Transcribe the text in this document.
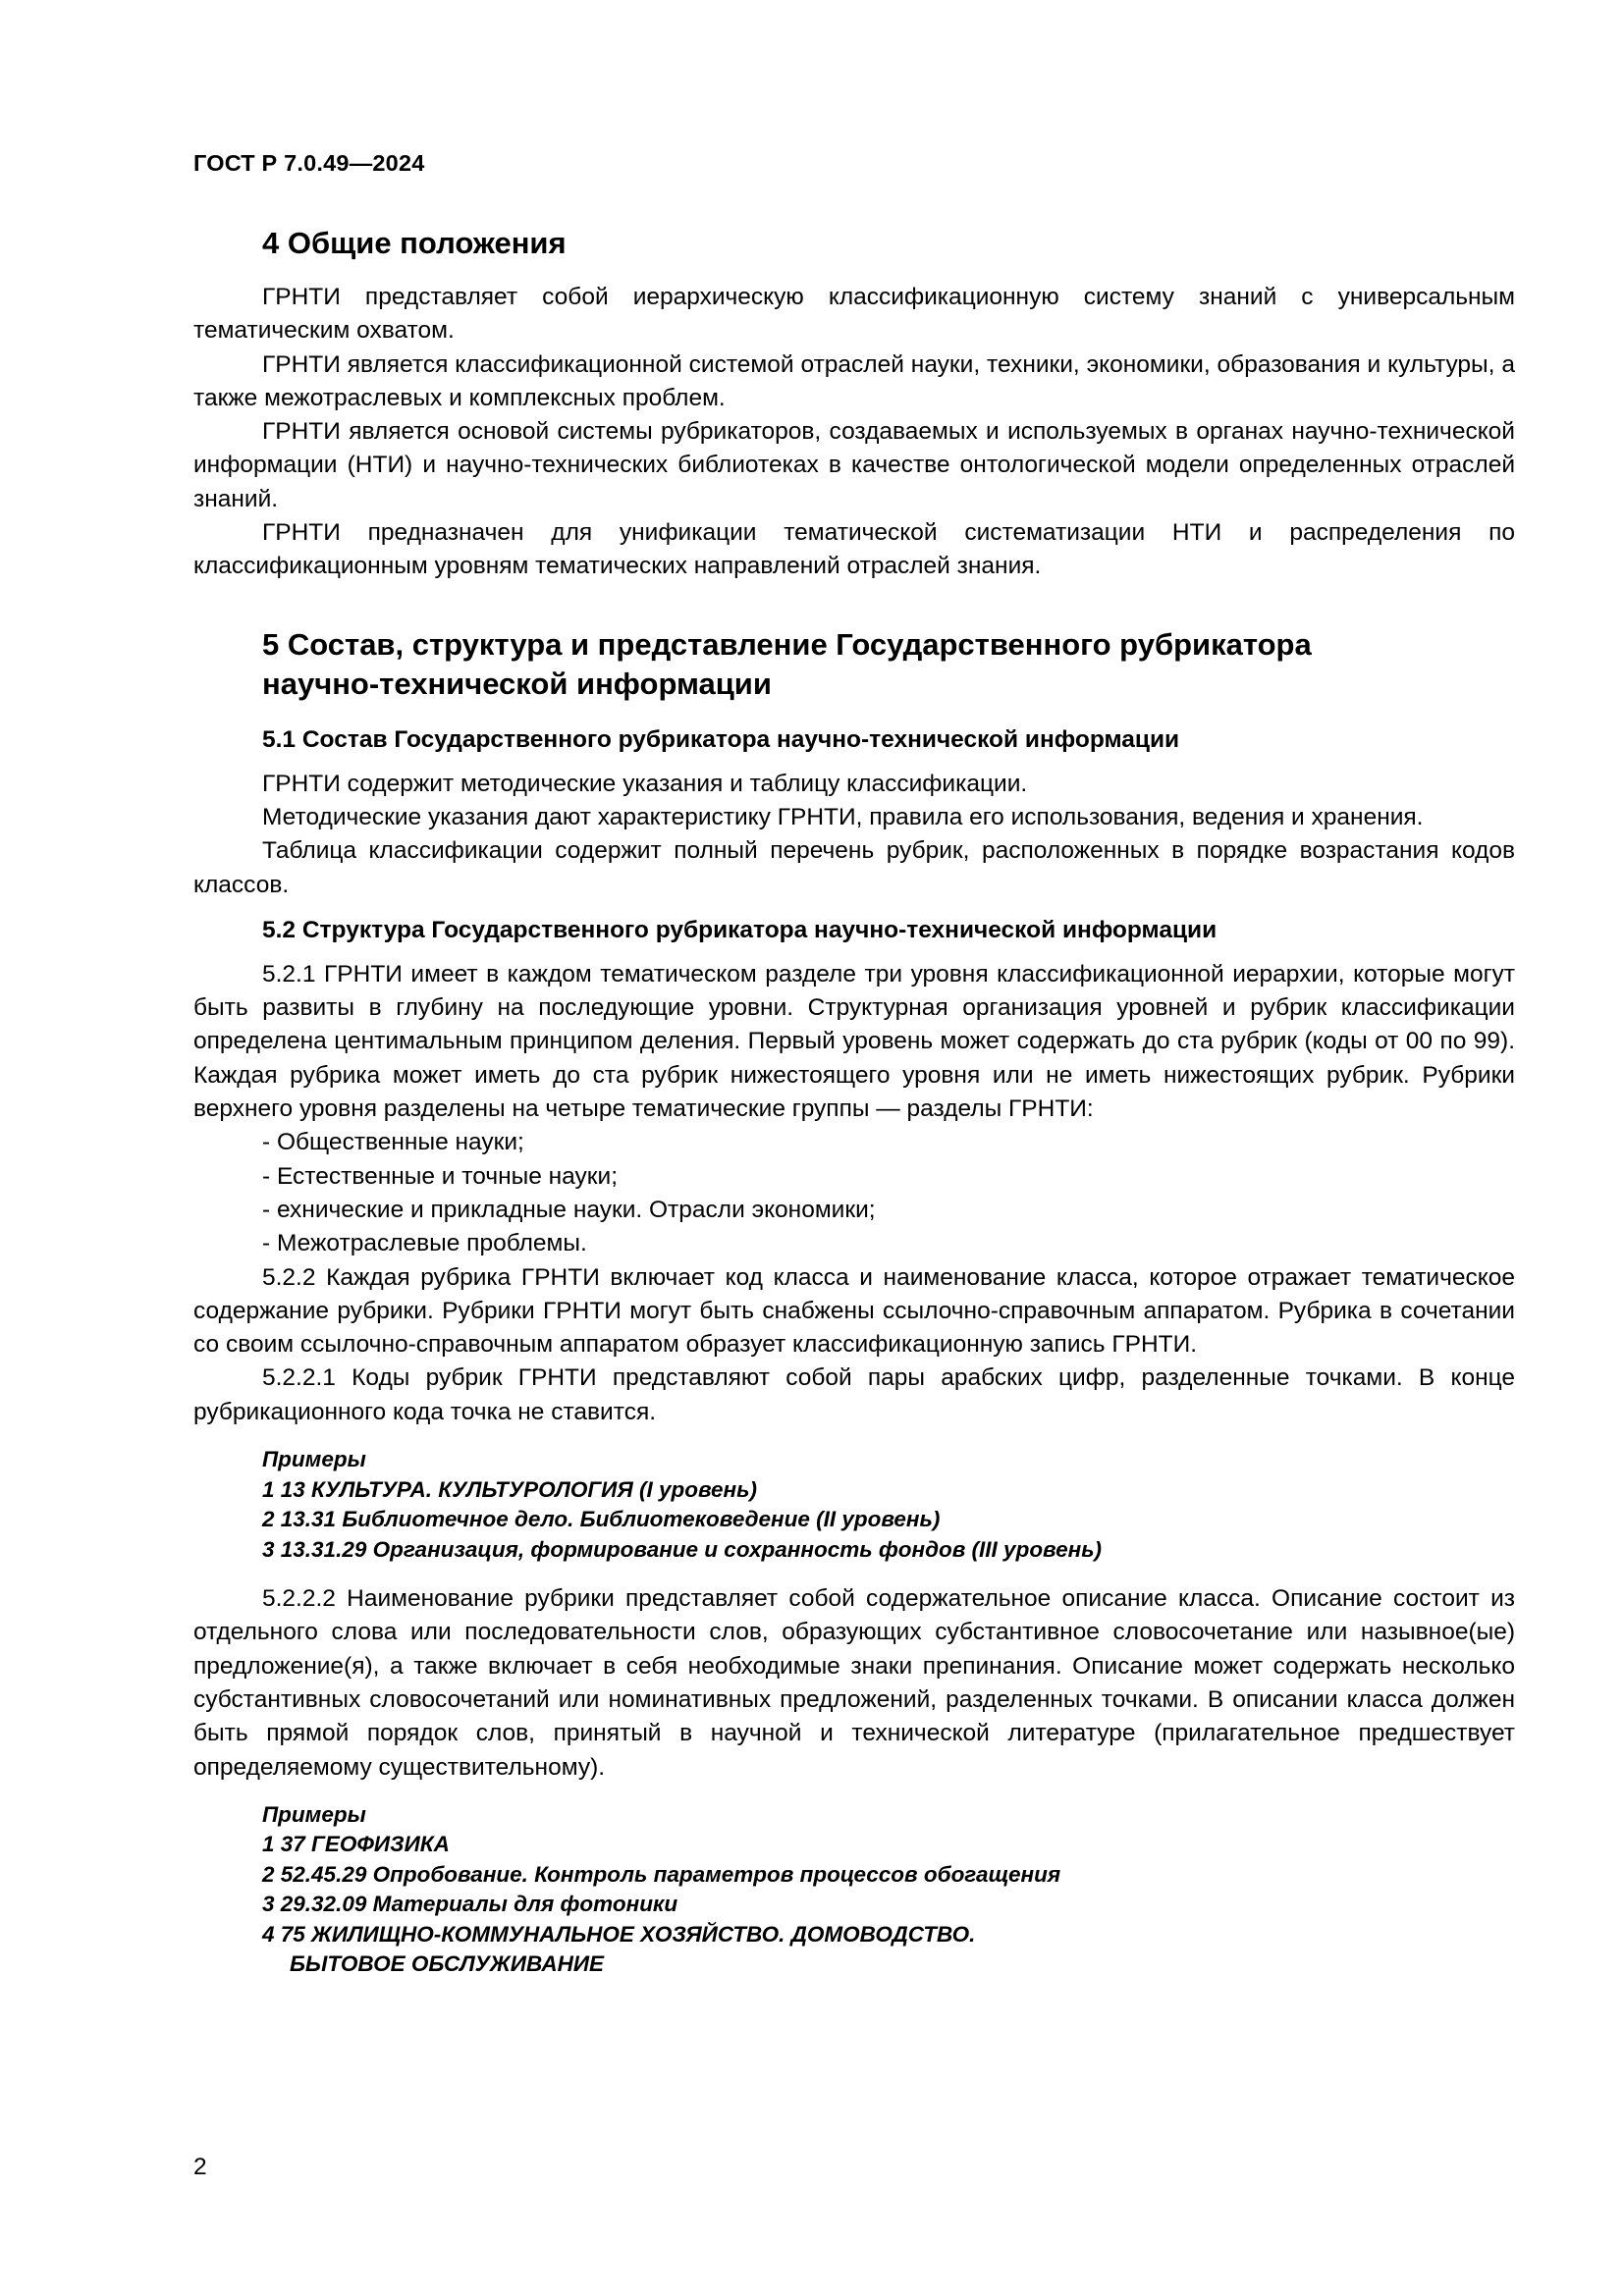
ГОСТ Р 7.0.49—2024
4 Общие положения

ГРНТИ представляет собой иерархическую классификационную систему знаний с универсальным тематическим охватом.

ГРНТИ является классификационной системой отраслей науки, техники, экономики, образования и культуры, а также межотраслевых и комплексных проблем.

ГРНТИ является основой системы рубрикаторов, создаваемых и используемых в органах научно-технической информации (НТИ) и научно-технических библиотеках в качестве онтологической модели определенных отраслей знаний.

ГРНТИ предназначен для унификации тематической систематизации НТИ и распределения по классификационным уровням тематических направлений отраслей знания.

5 Состав, структура и представление Государственного рубрикатора
научно-технической информации
5.1 Состав Государственного рубрикатора научно-технической информации

ГРНТИ содержит методические указания и таблицу классификации.

Методические указания дают характеристику ГРНТИ, правила его использования, ведения и хранения.

Таблица классификации содержит полный перечень рубрик, расположенных в порядке возрастания кодов классов.

5.2 Структура Государственного рубрикатора научно-технической информации

5.2.1 ГРНТИ имеет в каждом тематическом разделе три уровня классификационной иерархии, которые могут быть развиты в глубину на последующие уровни. Структурная организация уровней и рубрик классификации определена центимальным принципом деления. Первый уровень может содержать до ста рубрик (коды от 00 по 99). Каждая рубрика может иметь до ста рубрик нижестоящего уровня или не иметь нижестоящих рубрик. Рубрики верхнего уровня разделены на четыре тематические группы — разделы ГРНТИ:

- Общественные науки;

- Естественные и точные науки;

- ехнические и прикладные науки. Отрасли экономики;

- Межотраслевые проблемы.

5.2.2 Каждая рубрика ГРНТИ включает код класса и наименование класса, которое отражает тематическое содержание рубрики. Рубрики ГРНТИ могут быть снабжены ссылочно-справочным аппаратом. Рубрика в сочетании со своим ссылочно-справочным аппаратом образует классификационную запись ГРНТИ.

5.2.2.1 Коды рубрик ГРНТИ представляют собой пары арабских цифр, разделенные точками. В конце рубрикационного кода точка не ставится.

Примеры
1 13 КУЛЬТУРА. КУЛЬТУРОЛОГИЯ (I уровень)
2 13.31 Библиотечное дело. Библиотековедение (II уровень)
3 13.31.29 Организация, формирование и сохранность фондов (III уровень)

5.2.2.2 Наименование рубрики представляет собой содержательное описание класса. Описание состоит из отдельного слова или последовательности слов, образующих субстантивное словосочетание или назывное(ые) предложение(я), а также включает в себя необходимые знаки препинания. Описание может содержать несколько субстантивных словосочетаний или номинативных предложений, разделенных точками. В описании класса должен быть прямой порядок слов, принятый в научной и технической литературе (прилагательное предшествует определяемому существительному).

Примеры
1 37 ГЕОФИЗИКА
2 52.45.29 Опробование. Контроль параметров процессов обогащения
3 29.32.09 Материалы для фотоники
4 75 ЖИЛИЩНО-КОММУНАЛЬНОЕ ХОЗЯЙСТВО. ДОМОВОДСТВО.
БЫТОВОЕ ОБСЛУЖИВАНИЕ
2
